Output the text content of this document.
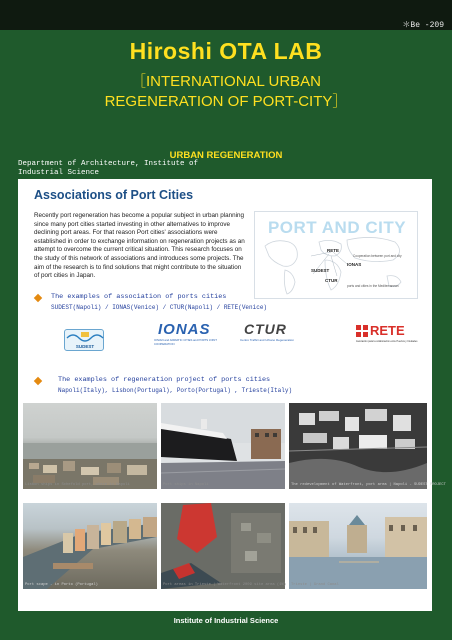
＊Be -209
Hiroshi OTA LAB
［INTERNATIONAL URBAN
REGENERATION OF PORT-CITY］
URBAN REGENERATION
Department of Architecture, Institute of Industrial Science
Associations of Port Cities
Recently port regeneration has become a popular subject in urban planning since many port cities started investing in other alternatives to improve declining port areas. For that reason Port cities' associations were established in order to exchange information on regeneration projects as an attempt to overcome the current critical situation. This research focuses on the study of this network of associations and introduces some projects. The aim of the research is to find solutions that might contribute to the situation of port cities in Japan.
PORT AND CITY
RETE
IONAS
SUDEST
CTUR
Cooperation between port and city
ports and cities in the Mediterranean
The examples of association of ports cities
SUDEST(Napoli) / IONAS(Venice) / CTUR(Napoli) / RETE(Venice)
SUDEST
IONAS
IONIAN and ADRIATIC CITIES and PORTS JOINT COOPERATION
CTUR
Centro Traffici and Urbano Regeneration
RETE
Asociación para la colaboración entre Puertos y Ciudades
The examples of regeneration project of ports cities
Napoli(Italy), Lisbon(Portugal), Porto(Portugal) , Trieste(Italy)
Lisbon ships in Schefold port, where to Napoli	Port ships in Napoli	The redevelopment of Waterfront, port area | Napoli - SUDEST PROJECT
Port scape - in Porto (Portugal)	Port areas in Trieste | Waterfront 2009 site area (1%) Trieste | Grand Canal
Institute of Industrial Science
